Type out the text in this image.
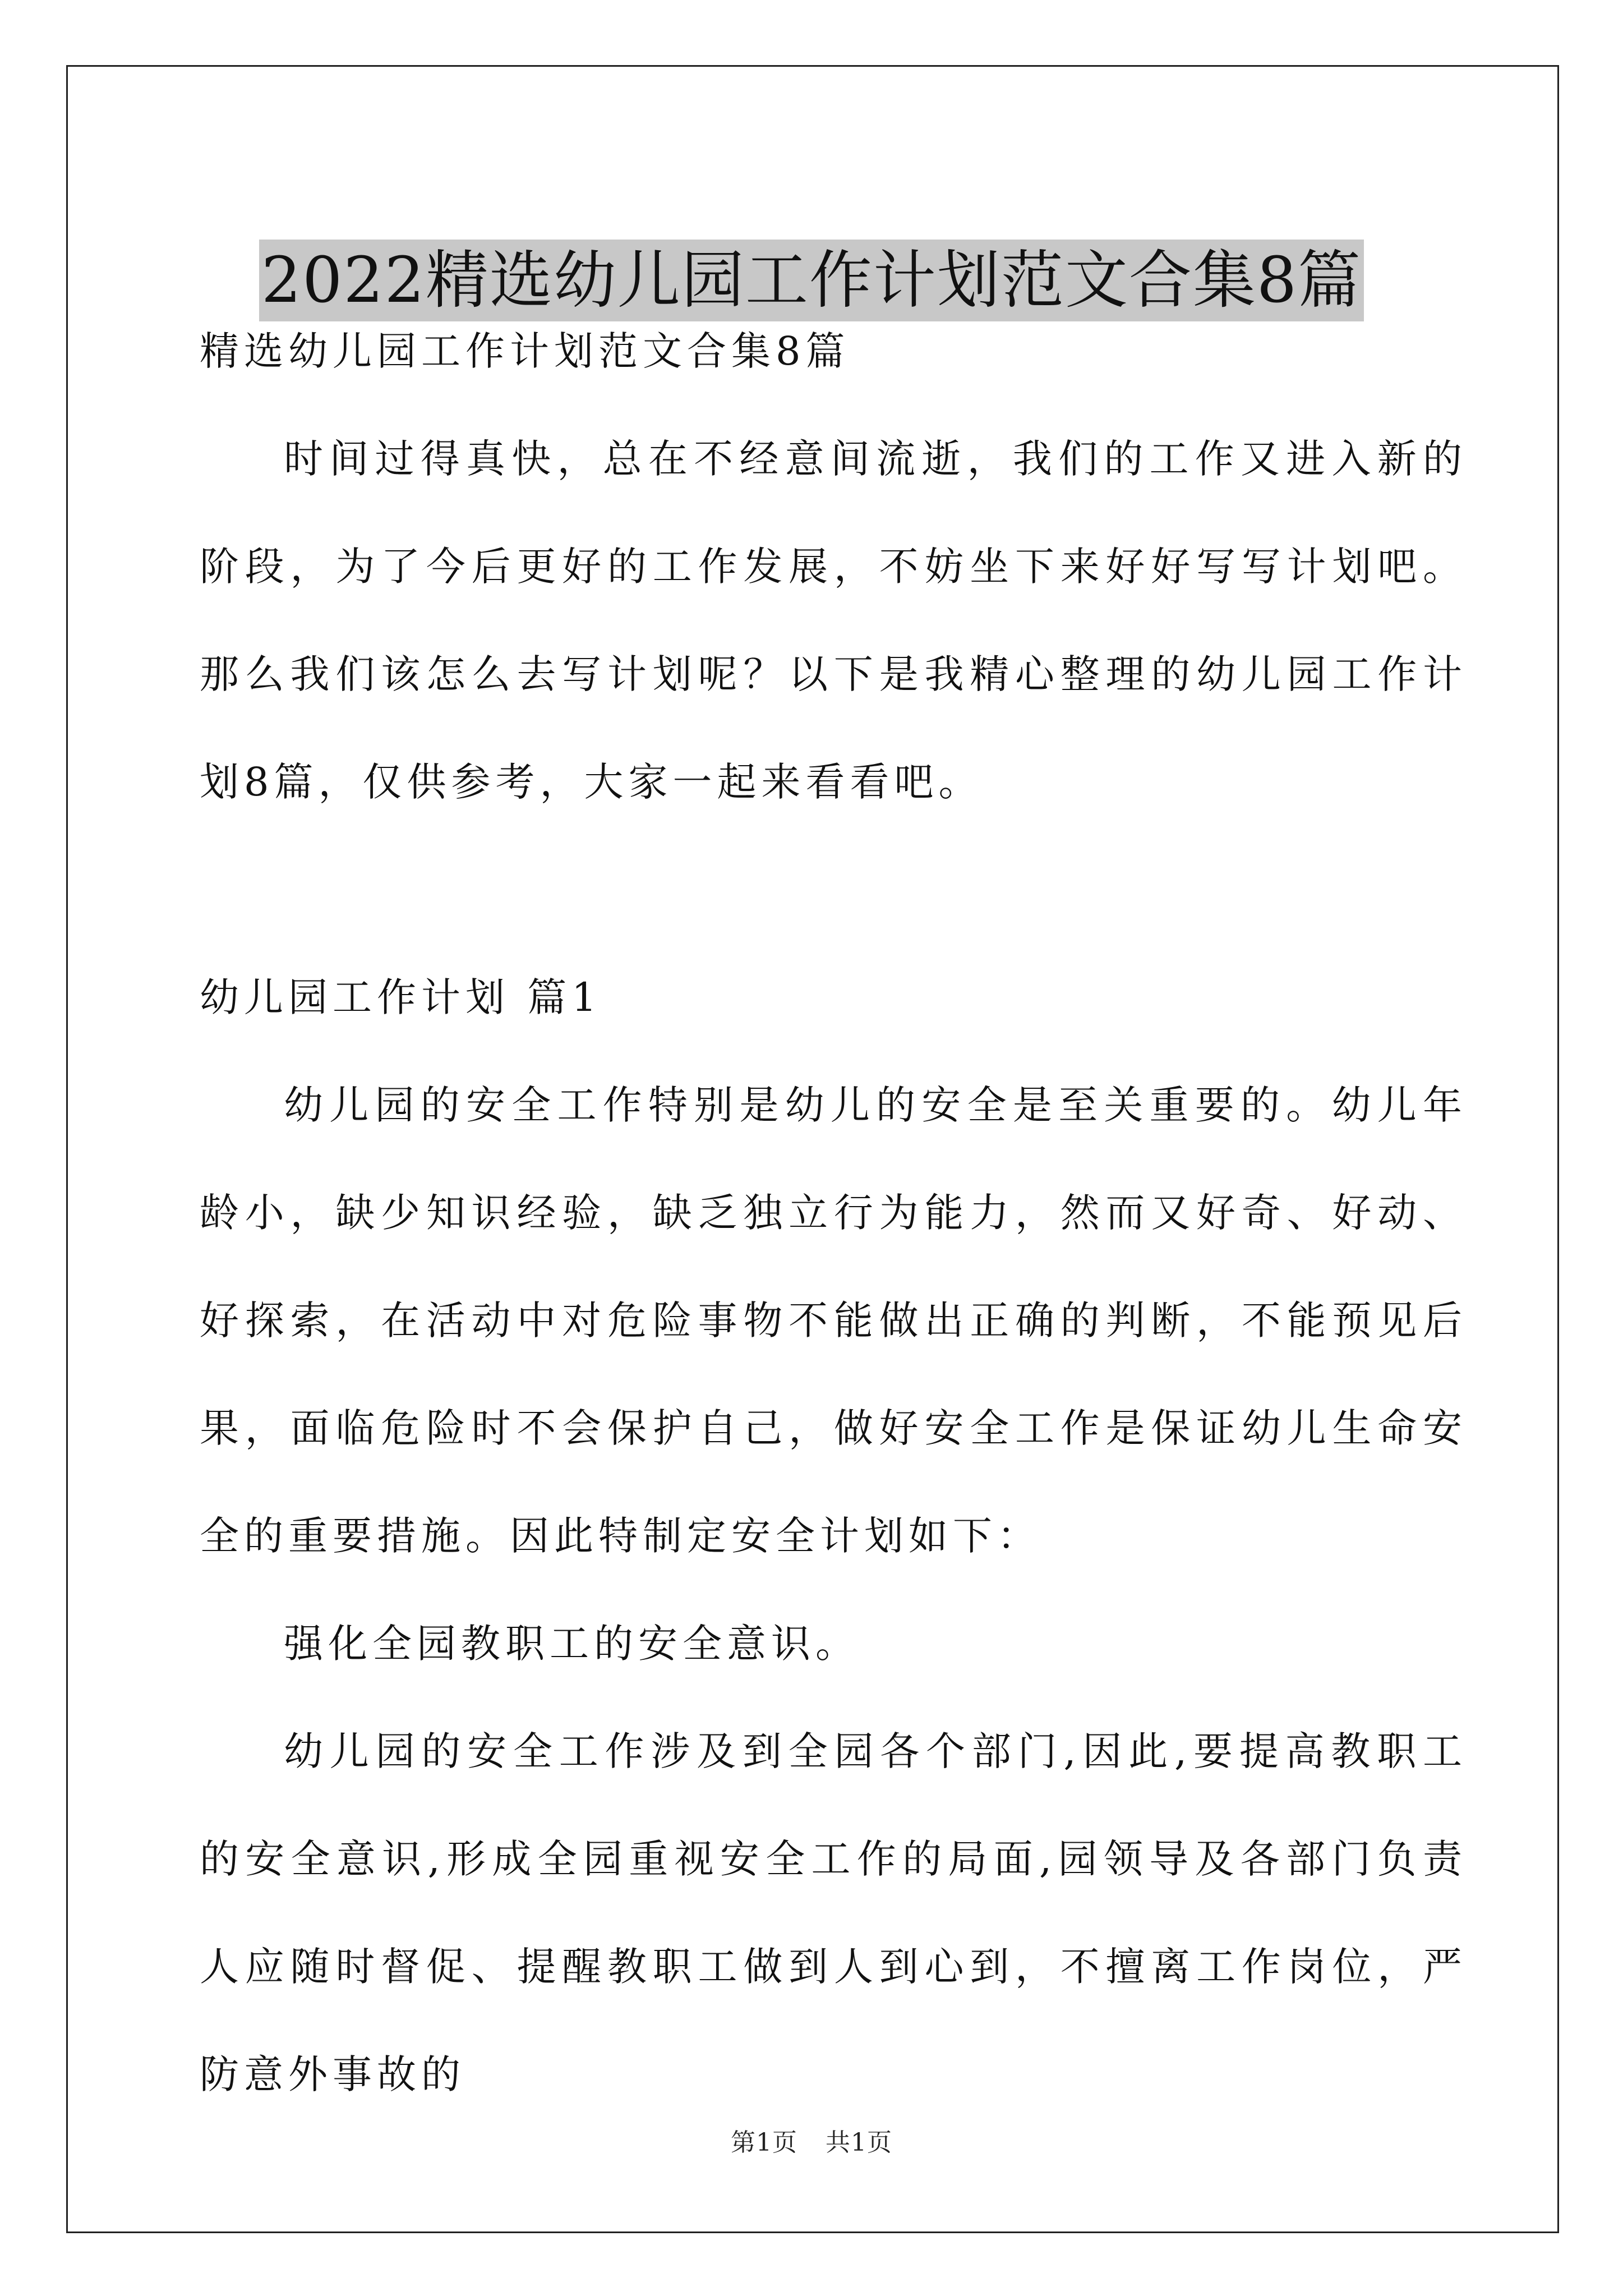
2022精选幼儿园工作计划范文合集8篇

精选幼儿园工作计划范文合集8篇

时间过得真快，总在不经意间流逝，我们的工作又进入新的阶段，为了今后更好的工作发展，不妨坐下来好好写写计划吧。那么我们该怎么去写计划呢？以下是我精心整理的幼儿园工作计划8篇，仅供参考，大家一起来看看吧。

幼儿园工作计划 篇1

幼儿园的安全工作特别是幼儿的安全是至关重要的。幼儿年龄小，缺少知识经验，缺乏独立行为能力，然而又好奇、好动、好探索，在活动中对危险事物不能做出正确的判断，不能预见后果，面临危险时不会保护自己，做好安全工作是保证幼儿生命安全的重要措施。因此特制定安全计划如下：

强化全园教职工的安全意识。

幼儿园的安全工作涉及到全园各个部门,因此,要提高教职工的安全意识,形成全园重视安全工作的局面,园领导及各部门负责人应随时督促、提醒教职工做到人到心到，不擅离工作岗位，严防意外事故的

第1页 共1页
